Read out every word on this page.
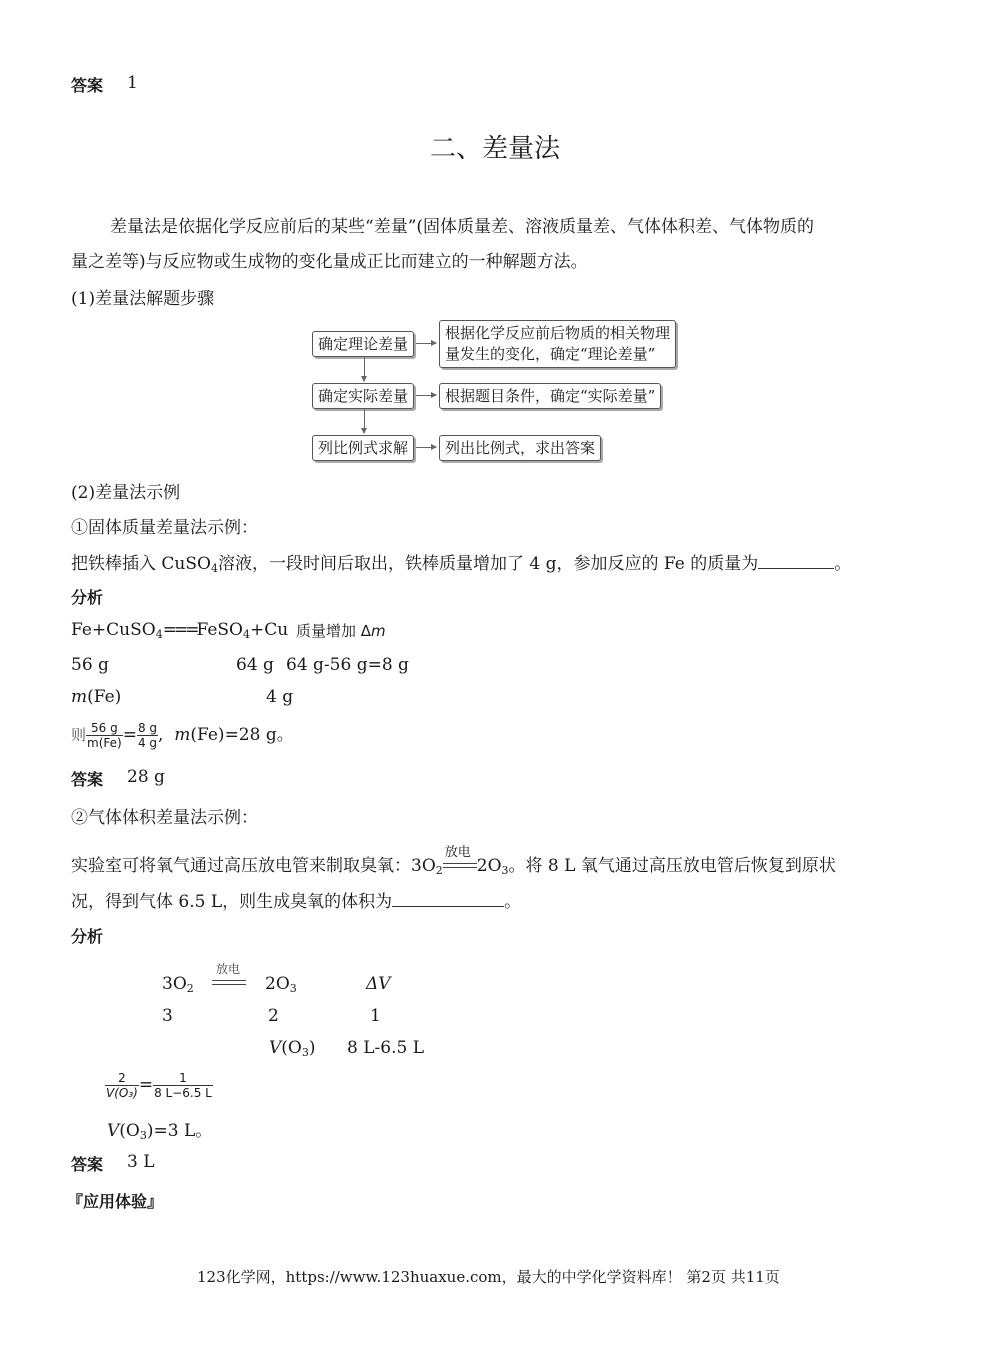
答案 1
二、差量法
差量法是依据化学反应前后的某些“差量”(固体质量差、溶液质量差、气体体积差、气体物质的
量之差等)与反应物或生成物的变化量成正比而建立的一种解题方法。
(1)差量法解题步骤
确定理论差量
根据化学反应前后物质的相关物理
量发生的变化，确定“理论差量”
确定实际差量	根据题目条件，确定“实际差量”
列比例式求解	列出比例式，求出答案
(2)差量法示例
①固体质量差量法示例：
把铁棒插入 CuSO$_4$溶液，一段时间后取出，铁棒质量增加了 4 g，参加反应的 Fe 的质量为	。
分析
Fe+CuSO$_4$===FeSO$_4$+Cu 质量增加 Δm
56 g	64 g 64 g-56 g=8 g
m(Fe)	4 g
则 $\frac{56 g}{m(Fe)} = \frac{8 g}{4 g}$ ,  m(Fe)=28 g。
答案 28 g
②气体体积差量法示例：
实验室可将氧气通过高压放电管来制取臭氧：$3O_2$
放电
$2O_3$。将 8 L 氧气通过高压放电管后恢复到原状
况，得到气体 6.5 L，则生成臭氧的体积为	。
分析
$3O_2$
放电
$2O_3$	ΔV
3	2	1
$V(O_3)$ 8 L-6.5 L
$\frac{2}{\text{V(O₃)}} = \frac{1}{8 L-6.5 L}$
$V(O_3)=3$ L。
答案 3 L
『应用体验』
123化学网，https://www.123huaxue.com，最大的中学化学资料库！ 第2页 共11页
